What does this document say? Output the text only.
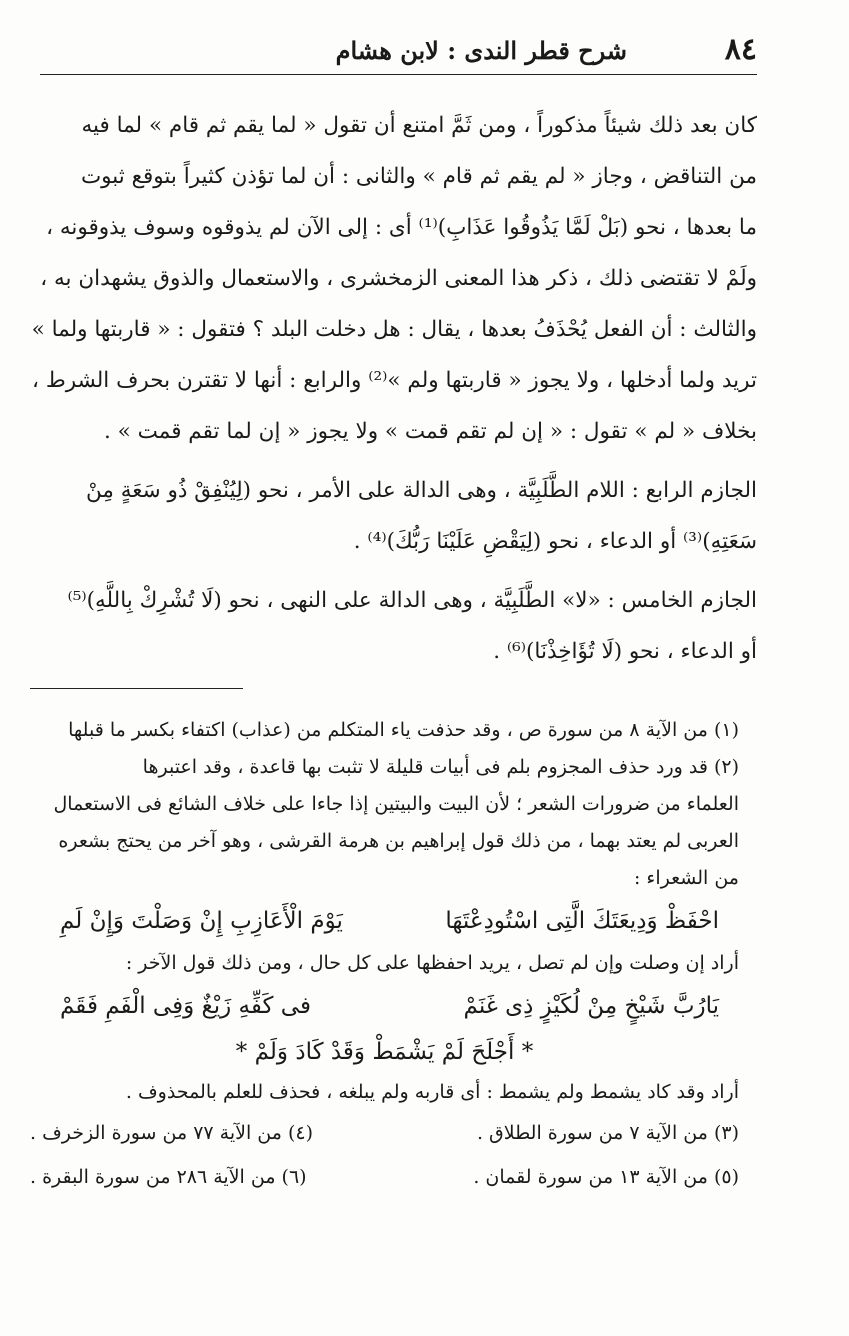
٨٤
شرح قطر الندى : لابن هشام

كان بعد ذلك شيئاً مذكوراً ، ومن ثَمَّ امتنع أن تقول « لما يقم ثم قام » لما فيه

من التناقض ، وجاز « لم يقم ثم قام » والثانى : أن لما تؤذن كثيراً بتوقع ثبوت

ما بعدها ، نحو (بَلْ لَمَّا يَذُوقُوا عَذَابِ)⁽¹⁾ أى : إلى الآن لم يذوقوه وسوف يذوقونه ،

ولَمْ لا تقتضى ذلك ، ذكر هذا المعنى الزمخشرى ، والاستعمال والذوق يشهدان به ،

والثالث : أن الفعل يُحْذَفُ بعدها ، يقال : هل دخلت البلد ؟ فتقول : « قاربتها ولما »

تريد ولما أدخلها ، ولا يجوز « قاربتها ولم »⁽²⁾ والرابع : أنها لا تقترن بحرف الشرط ،

بخلاف « لم » تقول : « إن لم تقم قمت » ولا يجوز « إن لما تقم قمت » .

الجازم الرابع : اللام الطَّلَبِيَّة ، وهى الدالة على الأمر ، نحو (لِيُنْفِقْ ذُو سَعَةٍ مِنْ

سَعَتِهِ)⁽³⁾ أو الدعاء ، نحو (لِيَقْضِ عَلَيْنَا رَبُّكَ)⁽⁴⁾ .

الجازم الخامس : «لا» الطَّلَبِيَّة ، وهى الدالة على النهى ، نحو (لَا تُشْرِكْ بِاللَّهِ)⁽⁵⁾

أو الدعاء ، نحو (لَا تُؤَاخِذْنَا)⁽⁶⁾ .

(١) من الآية ٨ من سورة ص ، وقد حذفت ياء المتكلم من (عذاب) اكتفاء بكسر ما قبلها

(٢) قد ورد حذف المجزوم بلم فى أبيات قليلة لا تثبت بها قاعدة ، وقد اعتبرها

العلماء من ضرورات الشعر ؛ لأن البيت والبيتين إذا جاءا على خلاف الشائع فى الاستعمال

العربى لم يعتد بهما ، من ذلك قول إبراهيم بن هرمة القرشى ، وهو آخر من يحتج بشعره

من الشعراء :

احْفَظْ وَدِيعَتَكَ الَّتِى اسْتُودِعْتَهَا
يَوْمَ الْأَعَازِبِ إِنْ وَصَلْتَ وَإِنْ لَمِ

أراد إن وصلت وإن لم تصل ، يريد احفظها على كل حال ، ومن ذلك قول الآخر :

يَارُبَّ شَيْخٍ مِنْ لُكَيْزٍ ذِى غَنَمْ
فى كَفِّهِ زَيْغٌ وَفِى الْفَمِ فَقَمْ
* أَجْلَحَ لَمْ يَشْمَطْ وَقَدْ كَادَ وَلَمْ *

أراد وقد كاد يشمط ولم يشمط : أى قاربه ولم يبلغه ، فحذف للعلم بالمحذوف .

(٣) من الآية ٧ من سورة الطلاق .
(٤) من الآية ٧٧ من سورة الزخرف .
(٥) من الآية ١٣ من سورة لقمان .
(٦) من الآية ٢٨٦ من سورة البقرة .
